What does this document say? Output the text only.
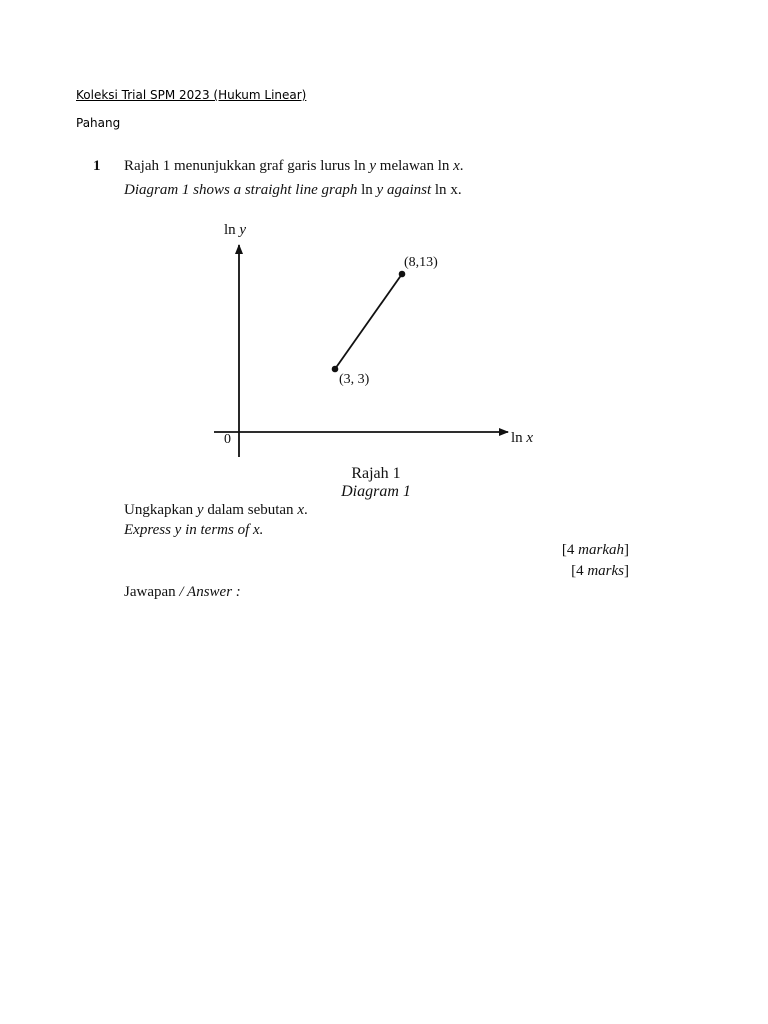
Koleksi Trial SPM 2023 (Hukum Linear)
Pahang
1 Rajah 1 menunjukkan graf garis lurus ln y melawan ln x.
Diagram 1 shows a straight line graph ln y against ln x.
ln y
ln x
0
(3, 3)
(8,13)
Rajah 1
Diagram 1
Ungkapkan y dalam sebutan x.
Express y in terms of x.
[4 markah]
[4 marks]
Jawapan / Answer :
